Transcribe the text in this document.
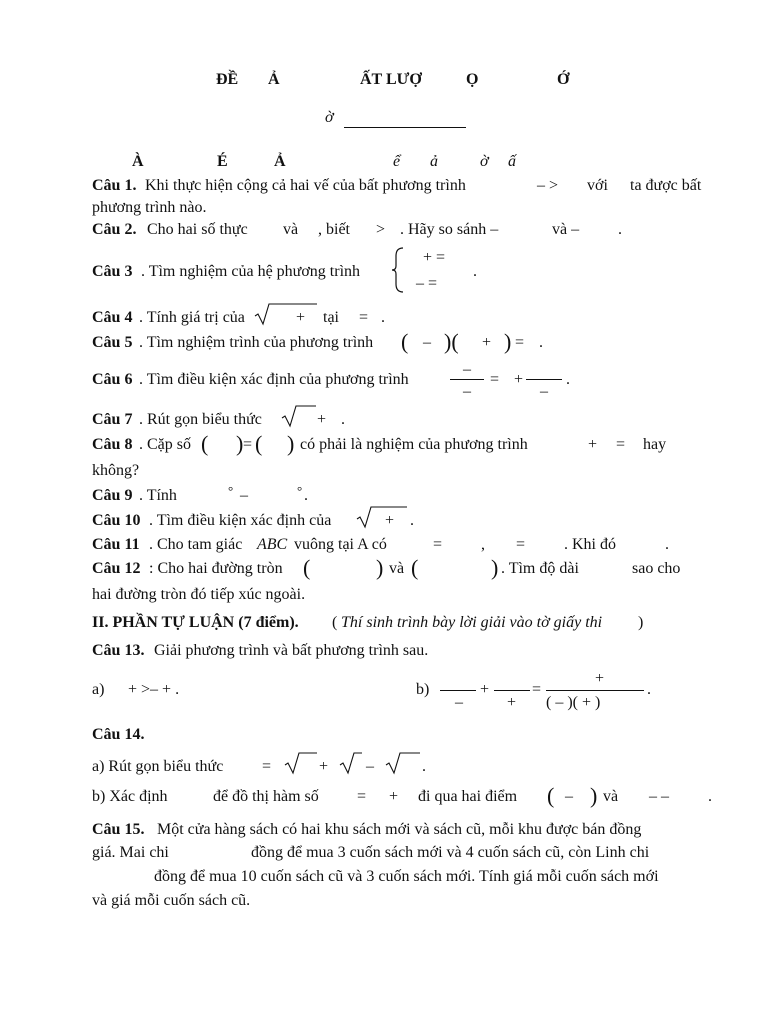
ĐỀ Ả	ẤT LƯỢ	Ọ	Ớ
ờ
À	É	Ả	ể ả	ờ ấ
Câu 1. Khi thực hiện cộng cả hai vế của bất phương trình	– > với ta được bất
phương trình nào.
Câu 2. Cho hai số thực và , biết > . Hãy so sánh –	và – .
Câu 3 . Tìm nghiệm của hệ phương trình
+ =
– =
.
Câu 4 . Tính giá trị của	+ tại = .
Câu 5 . Tìm nghiệm trình của phương trình ( – )( + ) = .
Câu 6 . Tìm điều kiện xác định của phương trình
–
–
= +
–
.
Câu 7 . Rút gọn biểu thức	+ .
Câu 8 . Cặp số ( ) = ( ) có phải là nghiệm của phương trình	+ = hay
không?
Câu 9 . Tính	° –	° .
Câu 10 . Tìm điều kiện xác định của	+ .
Câu 11 . Cho tam giác ABC vuông tại A có	= , = . Khi đó	.
Câu 12 : Cho hai đường tròn (	) và (	) . Tìm độ dài	sao cho
hai đường tròn đó tiếp xúc ngoài.
II. PHẦN TỰ LUẬN (7 điểm). ( Thí sinh trình bày lời giải vào tờ giấy thi )
Câu 13. Giải phương trình và bất phương trình sau.
a) + >– + .	b)
–
+
+
=
+
( – )( + )
.
Câu 14.
a) Rút gọn biểu thức =	+ –	.
b) Xác định	để đồ thị hàm số = + đi qua hai điểm ( – ) và – – .
Câu 15. Một cửa hàng sách có hai khu sách mới và sách cũ, mỗi khu được bán đồng
giá. Mai chi	đồng để mua 3 cuốn sách mới và 4 cuốn sách cũ, còn Linh chi
đồng để mua 10 cuốn sách cũ và 3 cuốn sách mới. Tính giá mỗi cuốn sách mới
và giá mỗi cuốn sách cũ.
